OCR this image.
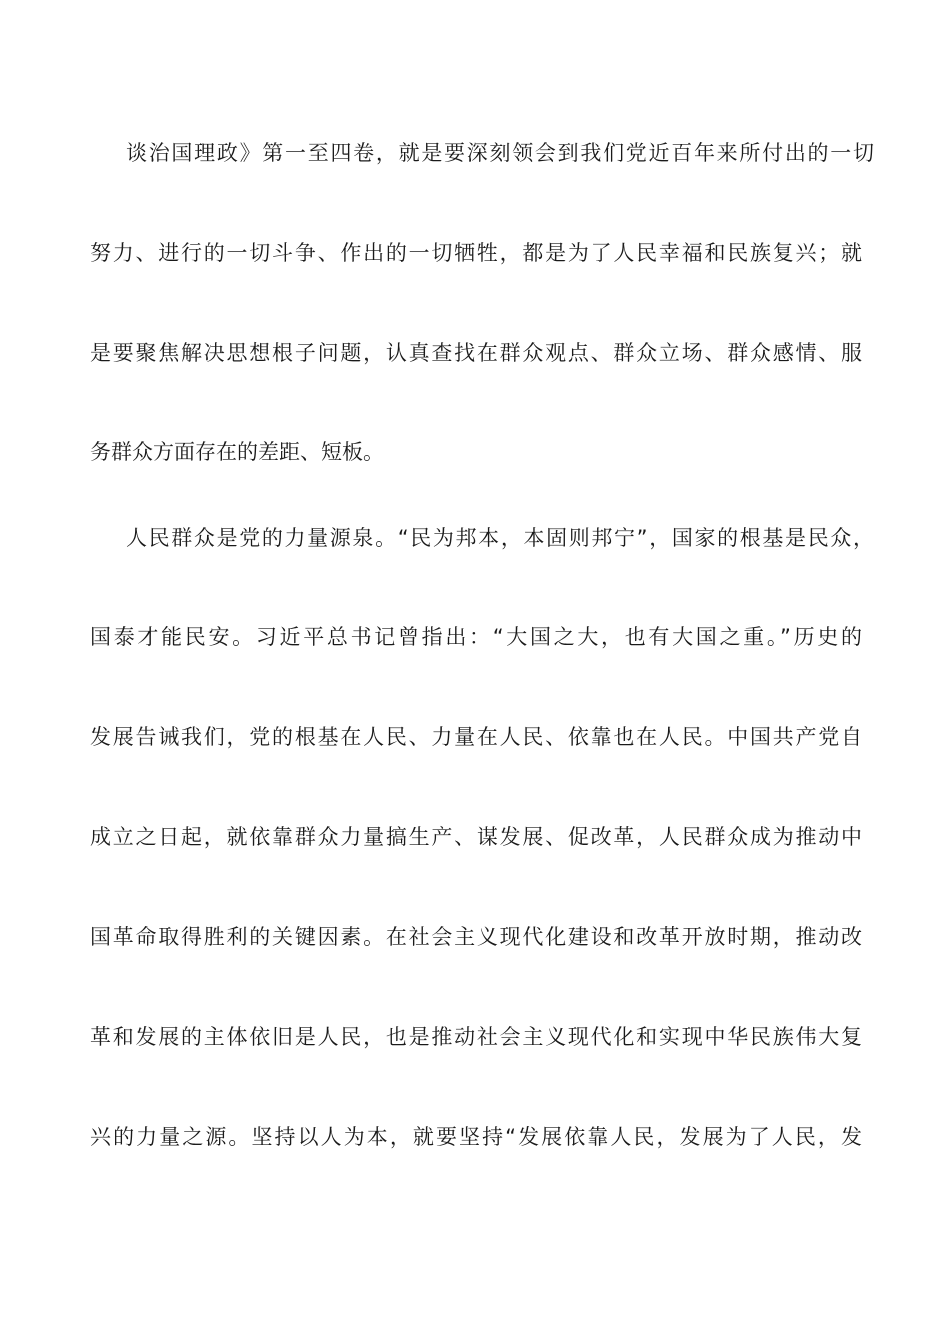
谈治国理政》第一至四卷，就是要深刻领会到我们党近百年来所付出的一切
努力、进行的一切斗争、作出的一切牺牲，都是为了人民幸福和民族复兴；就
是要聚焦解决思想根子问题，认真查找在群众观点、群众立场、群众感情、服
务群众方面存在的差距、短板。
人民群众是党的力量源泉。“民为邦本，本固则邦宁”，国家的根基是民众，
国泰才能民安。习近平总书记曾指出：“大国之大，也有大国之重。”历史的
发展告诫我们，党的根基在人民、力量在人民、依靠也在人民。中国共产党自
成立之日起，就依靠群众力量搞生产、谋发展、促改革，人民群众成为推动中
国革命取得胜利的关键因素。在社会主义现代化建设和改革开放时期，推动改
革和发展的主体依旧是人民，也是推动社会主义现代化和实现中华民族伟大复
兴的力量之源。坚持以人为本，就要坚持“发展依靠人民，发展为了人民，发
